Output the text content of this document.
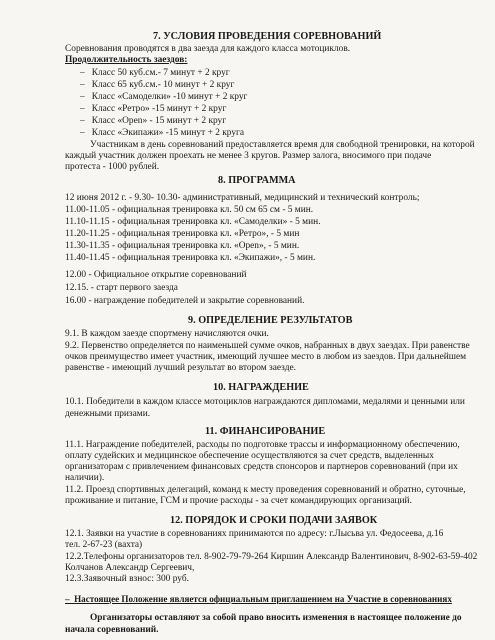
7. УСЛОВИЯ ПРОВЕДЕНИЯ СОРЕВНОВАНИЙ
Соревнования проводятся в два заезда для каждого класса мотоциклов.
Продолжительность заездов:
–   Класс 50 куб.см.- 7 минут + 2 круг
–   Класс 65 куб.см.- 10 минут + 2 круг
–   Класс «Самоделки» -10 минут + 2 круг
–   Класс «Ретро» -15 минут + 2 круг
–   Класс «Open» - 15 минут + 2 круг
–   Класс «Экипажи» -15 минут + 2 круга
Участникам в день соревнований предоставляется время для свободной тренировки, на которой
каждый участник должен проехать не менее 3 кругов. Размер залога, вносимого при подаче
протеста - 1000 рублей.
8. ПРОГРАММА
12 июня 2012 г. - 9.30- 10.30- административный, медицинский и технический контроль;
11.00-11.05 - официальная тренировка кл. 50 см 65 см - 5 мин.
11.10-11.15 - официальная тренировка кл. «Самоделки» - 5 мин.
11.20-11.25 - официальная тренировка кл. «Ретро», - 5 мин
11.30-11.35 - официальная тренировка кл. «Open», - 5 мин.
11.40-11.45 - официальная тренировка кл. «Экипажи», - 5 мин.
12.00 - Официальное открытие соревнований
12.15. - старт первого заезда
16.00 - награждение победителей и закрытие соревнований.
9. ОПРЕДЕЛЕНИЕ РЕЗУЛЬТАТОВ
9.1. В каждом заезде спортмену начисляются очки.
9.2. Первенство определяется по наименьшей сумме очков, набранных в двух заездах. При равенстве
очков преимущество имеет участник, имеющий лучшее место в любом из заездов. При дальнейшем
равенстве - имеющий лучший результат во втором заезде.
10. НАГРАЖДЕНИЕ
10.1. Победители в каждом классе мотоциклов награждаются дипломами, медалями и ценными или
денежными призами.
11. ФИНАНСИРОВАНИЕ
11.1. Награждение победителей, расходы по подготовке трассы и информационному обеспечению,
оплату судейских и медицинское обеспечение осуществляются за счет средств, выделенных
организаторам с привлечением финансовых средств спонсоров и партнеров соревнований (при их
наличии).
11.2. Проезд спортивных делегаций, команд к месту проведения соревнований и обратно, суточные,
проживание и питание, ГСМ и прочие расходы - за счет командирующих организаций.
12. ПОРЯДОК И СРОКИ ПОДАЧИ ЗАЯВОК
12.1. Заявки на участие в соревнованиях принимаются по адресу: г.Лысьва ул. Федосеева, д.16
тел. 2-67-23 (вахта)
12.2.Телефоны организаторов тел. 8-902-79-79-264 Киршин Александр Валентинович, 8-902-63-59-402
Колчанов Александр Сергеевич,
12.3.Заявочный взнос: 300 руб.
–  Настоящее Положение является официальным приглашением на Участие в соревнованиях
Организаторы оставляют за собой право вносить изменения в настоящее положение до
начала соревнований.
